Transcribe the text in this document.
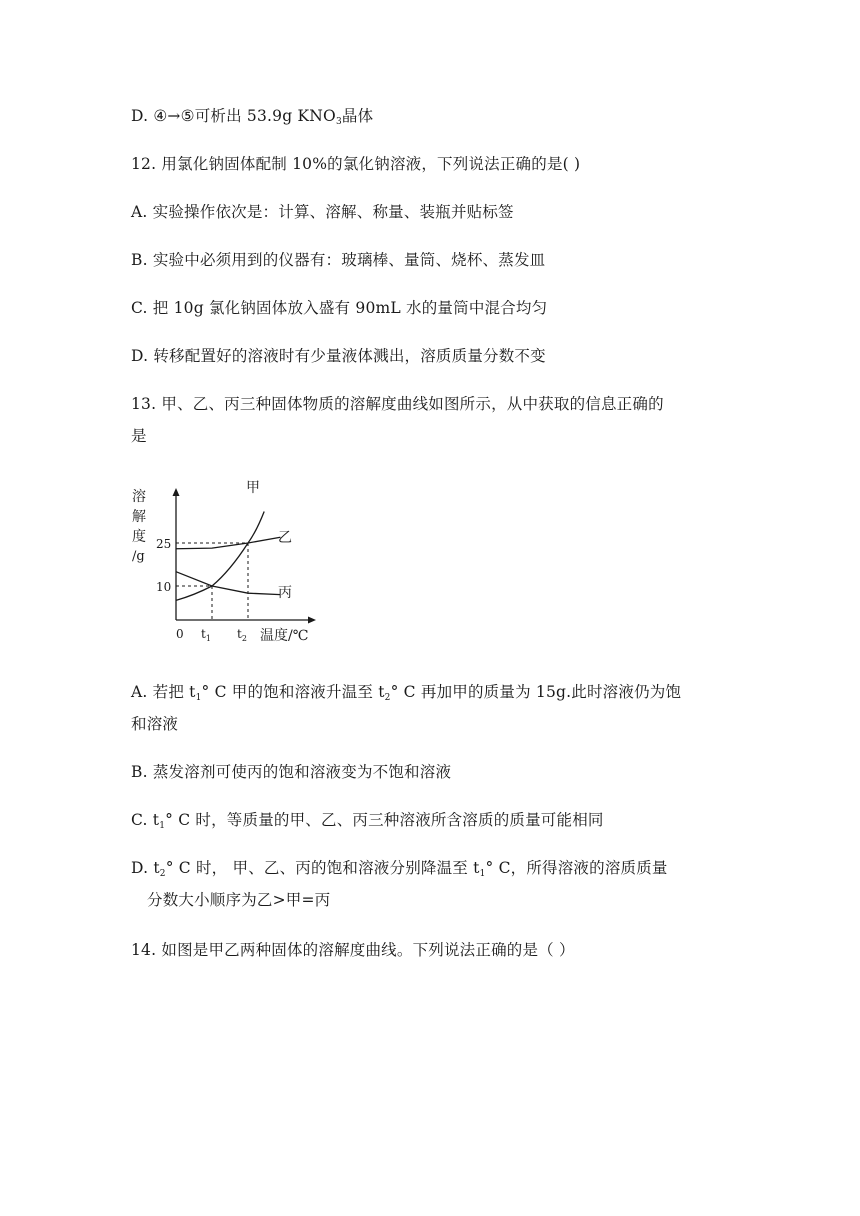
D. ④→⑤可析出 53.9g $KNO_3$晶体
12. 用氯化钠固体配制 10%的氯化钠溶液，下列说法正确的是( )
A. 实验操作依次是：计算、溶解、称量、装瓶并贴标签
B. 实验中必须用到的仪器有：玻璃棒、量筒、烧杯、蒸发皿
C. 把 10g 氯化钠固体放入盛有 90mL 水的量筒中混合均匀
D. 转移配置好的溶液时有少量液体溅出，溶质质量分数不变
13. 甲、乙、丙三种固体物质的溶解度曲线如图所示，从中获取的信息正确的
是
溶
解
度
/g
甲
乙
丙
25
10
0 $t_1$ $t_2$ 温度/℃
A. 若把 $t_1^\circ$ C 甲的饱和溶液升温至 $t_2^\circ$ C 再加甲的质量为 15g.此时溶液仍为饱
和溶液
B. 蒸发溶剂可使丙的饱和溶液变为不饱和溶液
C. $t_1^\circ$ C 时，等质量的甲、乙、丙三种溶液所含溶质的质量可能相同
D. $t_2^\circ$ C 时， 甲、乙、丙的饱和溶液分别降温至 $t_1^\circ$ C，所得溶液的溶质质量
分数大小顺序为乙>甲=丙
14. 如图是甲乙两种固体的溶解度曲线。下列说法正确的是（ ）
